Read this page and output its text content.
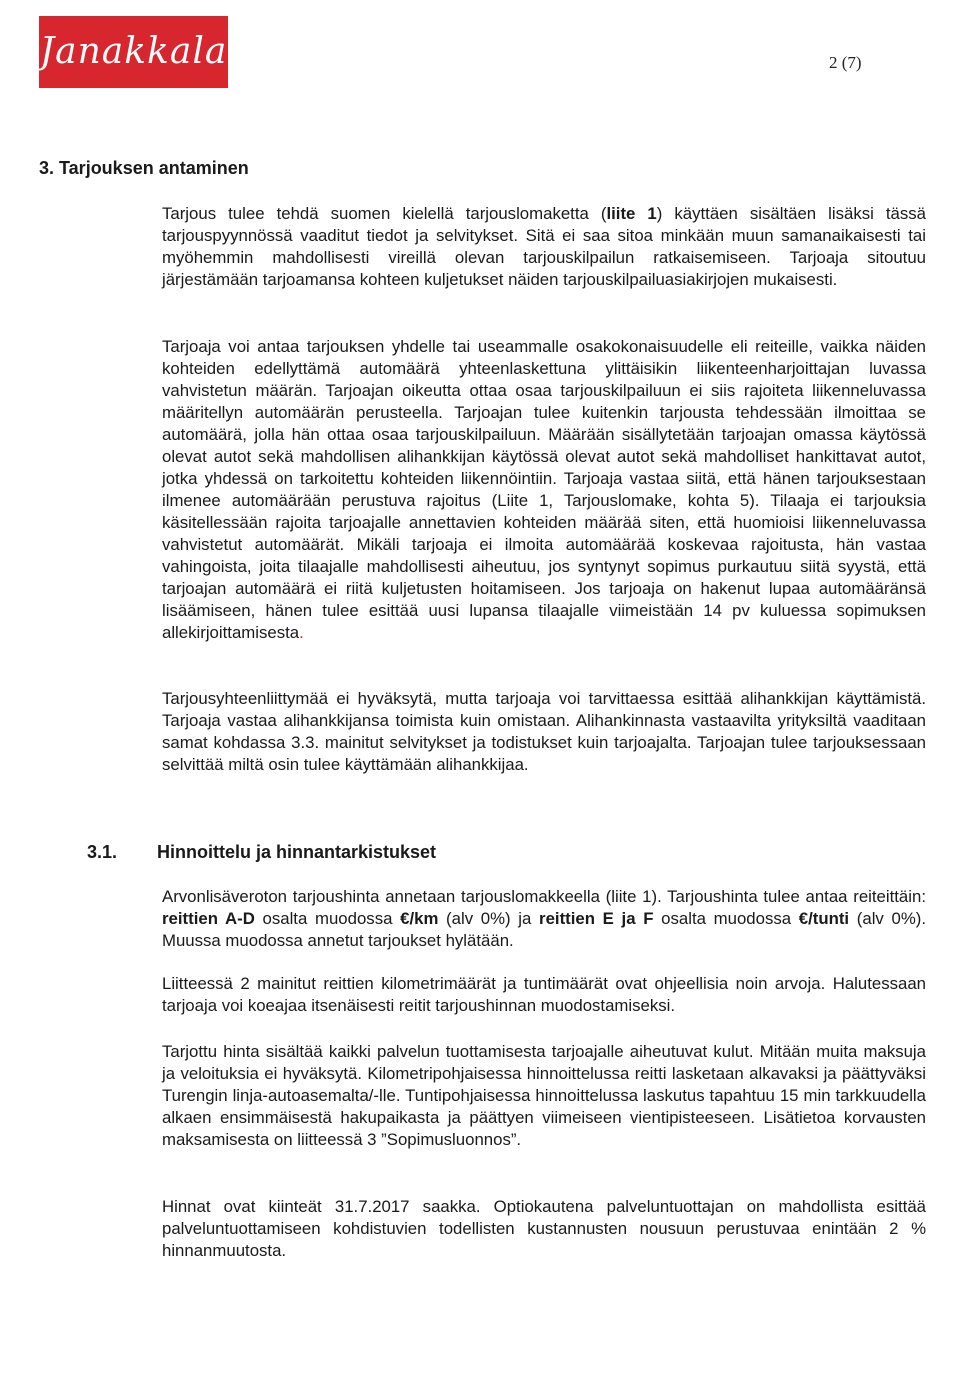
Janakkala	2 (7)
3. Tarjouksen antaminen

Tarjous tulee tehdä suomen kielellä tarjouslomaketta (liite 1) käyttäen sisältäen lisäksi tässä tarjouspyynnössä vaaditut tiedot ja selvitykset. Sitä ei saa sitoa minkään muun samanaikaisesti tai myöhemmin mahdollisesti vireillä olevan tarjouskilpailun ratkaisemiseen. Tarjoaja sitoutuu järjestämään tarjoamansa kohteen kuljetukset näiden tarjouskilpailuasiakirjojen mukaisesti.

Tarjoaja voi antaa tarjouksen yhdelle tai useammalle osakokonaisuudelle eli reiteille, vaikka näiden kohteiden edellyttämä automäärä yhteenlaskettuna ylittäisikin liikenteenharjoittajan luvassa vahvistetun määrän. Tarjoajan oikeutta ottaa osaa tarjouskilpailuun ei siis rajoiteta liikenneluvassa määritellyn automäärän perusteella. Tarjoajan tulee kuitenkin tarjousta tehdessään ilmoittaa se automäärä, jolla hän ottaa osaa tarjouskilpailuun. Määrään sisällytetään tarjoajan omassa käytössä olevat autot sekä mahdollisen alihankkijan käytössä olevat autot sekä mahdolliset hankittavat autot, jotka yhdessä on tarkoitettu kohteiden liikennöintiin. Tarjoaja vastaa siitä, että hänen tarjouksestaan ilmenee automäärään perustuva rajoitus (Liite 1, Tarjouslomake, kohta 5). Tilaaja ei tarjouksia käsitellessään rajoita tarjoajalle annettavien kohteiden määrää siten, että huomioisi liikenneluvassa vahvistetut automäärät. Mikäli tarjoaja ei ilmoita automäärää koskevaa rajoitusta, hän vastaa vahingoista, joita tilaajalle mahdollisesti aiheutuu, jos syntynyt sopimus purkautuu siitä syystä, että tarjoajan automäärä ei riitä kuljetusten hoitamiseen. Jos tarjoaja on hakenut lupaa automääränsä lisäämiseen, hänen tulee esittää uusi lupansa tilaajalle viimeistään 14 pv kuluessa sopimuksen allekirjoittamisesta.

Tarjousyhteenliittymää ei hyväksytä, mutta tarjoaja voi tarvittaessa esittää alihankkijan käyttämistä. Tarjoaja vastaa alihankkijansa toimista kuin omistaan. Alihankinnasta vastaavilta yrityksiltä vaaditaan samat kohdassa 3.3. mainitut selvitykset ja todistukset kuin tarjoajalta. Tarjoajan tulee tarjouksessaan selvittää miltä osin tulee käyttämään alihankkijaa.

3.1. Hinnoittelu ja hinnantarkistukset

Arvonlisäveroton tarjoushinta annetaan tarjouslomakkeella (liite 1). Tarjoushinta tulee antaa reiteittäin: reittien A-D osalta muodossa €/km (alv 0%) ja reittien E ja F osalta muodossa €/tunti (alv 0%). Muussa muodossa annetut tarjoukset hylätään.

Liitteessä 2 mainitut reittien kilometrimäärät ja tuntimäärät ovat ohjeellisia noin arvoja. Halutessaan tarjoaja voi koeajaa itsenäisesti reitit tarjoushinnan muodostamiseksi.

Tarjottu hinta sisältää kaikki palvelun tuottamisesta tarjoajalle aiheutuvat kulut. Mitään muita maksuja ja veloituksia ei hyväksytä. Kilometripohjaisessa hinnoittelussa reitti lasketaan alkavaksi ja päättyväksi Turengin linja-autoasemalta/-lle. Tuntipohjaisessa hinnoittelussa laskutus tapahtuu 15 min tarkkuudella alkaen ensimmäisestä hakupaikasta ja päättyen viimeiseen vientipisteeseen. Lisätietoa korvausten maksamisesta on liitteessä 3 ”Sopimusluonnos”.

Hinnat ovat kiinteät 31.7.2017 saakka. Optiokautena palveluntuottajan on mahdollista esittää palveluntuottamiseen kohdistuvien todellisten kustannusten nousuun perustuvaa enintään 2 % hinnanmuutosta.
